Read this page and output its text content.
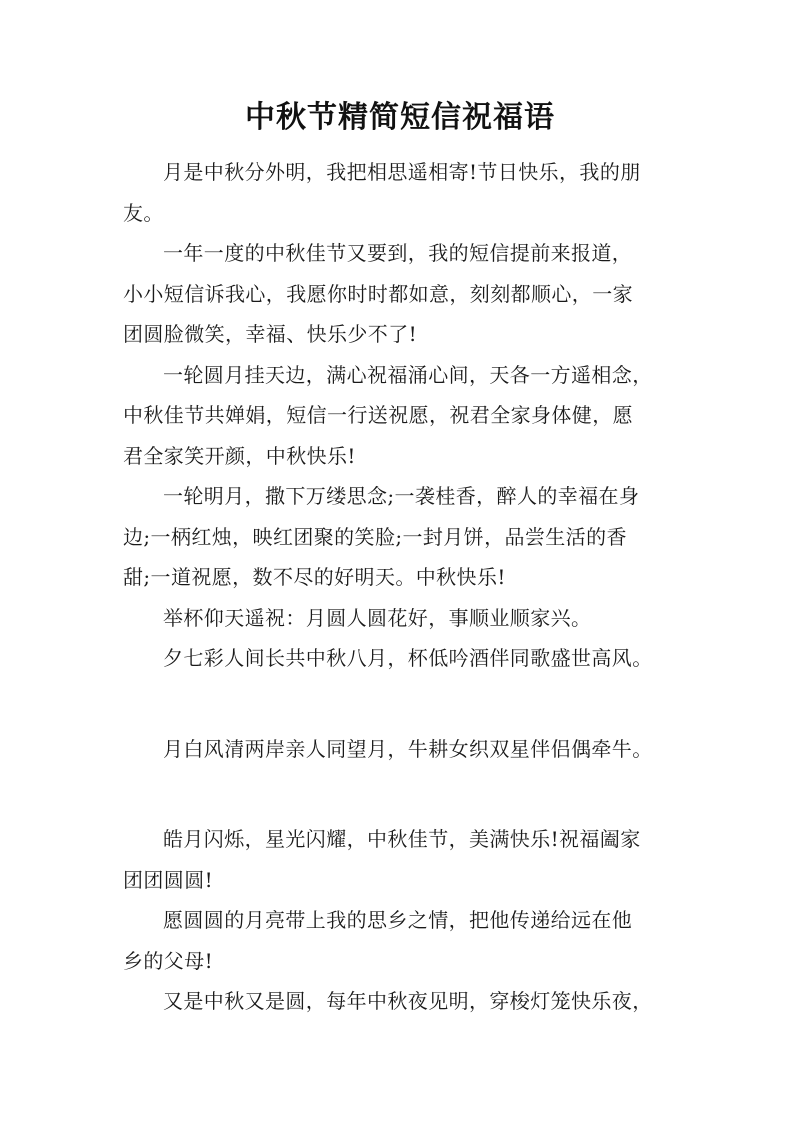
中秋节精简短信祝福语

月是中秋分外明，我把相思遥相寄!节日快乐，我的朋
友。

一年一度的中秋佳节又要到，我的短信提前来报道，
小小短信诉我心，我愿你时时都如意，刻刻都顺心，一家
团圆脸微笑，幸福、快乐少不了!

一轮圆月挂天边，满心祝福涌心间，天各一方遥相念，
中秋佳节共婵娟，短信一行送祝愿，祝君全家身体健，愿
君全家笑开颜，中秋快乐!

一轮明月，撒下万缕思念;一袭桂香，醉人的幸福在身
边;一柄红烛，映红团聚的笑脸;一封月饼，品尝生活的香
甜;一道祝愿，数不尽的好明天。中秋快乐!

举杯仰天遥祝：月圆人圆花好，事顺业顺家兴。

夕七彩人间长共中秋八月，杯低吟酒伴同歌盛世高风。

月白风清两岸亲人同望月，牛耕女织双星伴侣偶牵牛。

皓月闪烁，星光闪耀，中秋佳节，美满快乐!祝福阖家
团团圆圆!

愿圆圆的月亮带上我的思乡之情，把他传递给远在他
乡的父母!

又是中秋又是圆，每年中秋夜见明，穿梭灯笼快乐夜，
